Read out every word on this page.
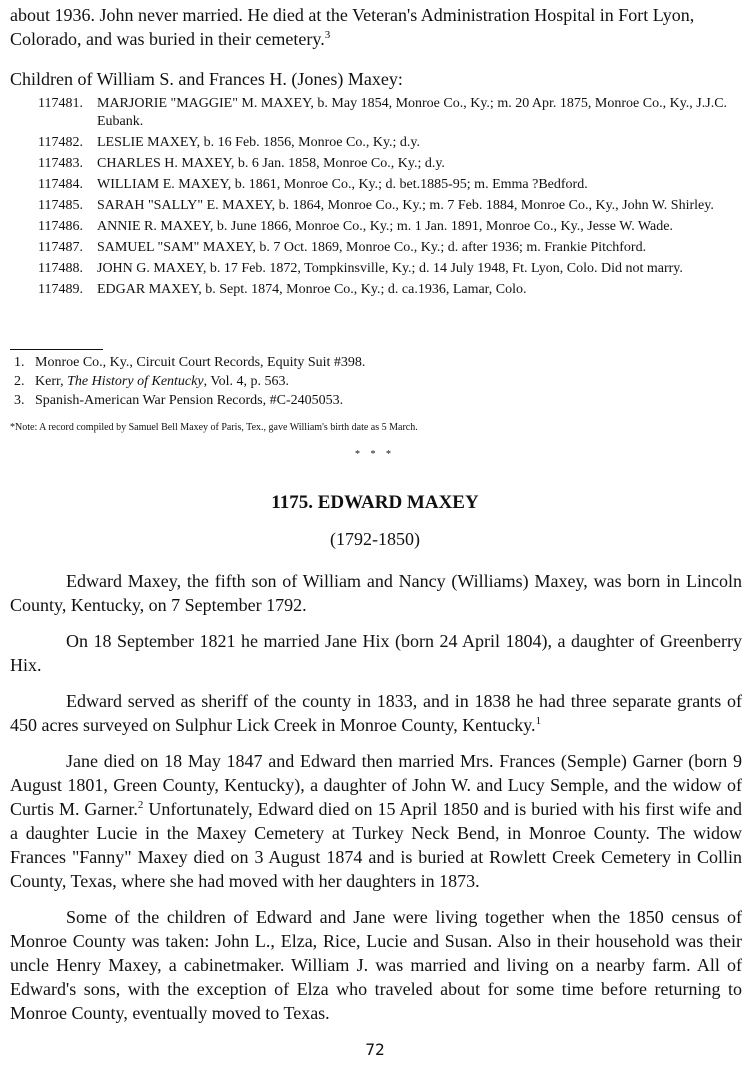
about 1936. John never married. He died at the Veteran's Administration Hospital in Fort Lyon, Colorado, and was buried in their cemetery.$^3$

Children of William S. and Frances H. (Jones) Maxey:

117481.	MARJORIE "MAGGIE" M. MAXEY, b. May 1854, Monroe Co., Ky.; m. 20 Apr. 1875, Monroe Co., Ky., J.J.C. Eubank.
117482.	LESLIE MAXEY, b. 16 Feb. 1856, Monroe Co., Ky.; d.y.
117483.	CHARLES H. MAXEY, b. 6 Jan. 1858, Monroe Co., Ky.; d.y.
117484.	WILLIAM E. MAXEY, b. 1861, Monroe Co., Ky.; d. bet.1885-95; m. Emma ?Bedford.
117485.	SARAH "SALLY" E. MAXEY, b. 1864, Monroe Co., Ky.; m. 7 Feb. 1884, Monroe Co., Ky., John W. Shirley.
117486.	ANNIE R. MAXEY, b. June 1866, Monroe Co., Ky.; m. 1 Jan. 1891, Monroe Co., Ky., Jesse W. Wade.
117487.	SAMUEL "SAM" MAXEY, b. 7 Oct. 1869, Monroe Co., Ky.; d. after 1936; m. Frankie Pitchford.
117488.	JOHN G. MAXEY, b. 17 Feb. 1872, Tompkinsville, Ky.; d. 14 July 1948, Ft. Lyon, Colo. Did not marry.
117489.	EDGAR MAXEY, b. Sept. 1874, Monroe Co., Ky.; d. ca.1936, Lamar, Colo.
1. Monroe Co., Ky., Circuit Court Records, Equity Suit #398.
2. Kerr, The History of Kentucky, Vol. 4, p. 563.
3. Spanish-American War Pension Records, #C-2405053.

*Note: A record compiled by Samuel Bell Maxey of Paris, Tex., gave William's birth date as 5 March.

* * *

1175. EDWARD MAXEY

(1792-1850)

Edward Maxey, the fifth son of William and Nancy (Williams) Maxey, was born in Lincoln County, Kentucky, on 7 September 1792.

On 18 September 1821 he married Jane Hix (born 24 April 1804), a daughter of Greenberry Hix.

Edward served as sheriff of the county in 1833, and in 1838 he had three separate grants of 450 acres surveyed on Sulphur Lick Creek in Monroe County, Kentucky.$^1$

Jane died on 18 May 1847 and Edward then married Mrs. Frances (Semple) Garner (born 9 August 1801, Green County, Kentucky), a daughter of John W. and Lucy Semple, and the widow of Curtis M. Garner.$^2$ Unfortunately, Edward died on 15 April 1850 and is buried with his first wife and a daughter Lucie in the Maxey Cemetery at Turkey Neck Bend, in Monroe County. The widow Frances "Fanny" Maxey died on 3 August 1874 and is buried at Rowlett Creek Cemetery in Collin County, Texas, where she had moved with her daughters in 1873.

Some of the children of Edward and Jane were living together when the 1850 census of Monroe County was taken: John L., Elza, Rice, Lucie and Susan. Also in their household was their uncle Henry Maxey, a cabinetmaker. William J. was married and living on a nearby farm. All of Edward's sons, with the exception of Elza who traveled about for some time before returning to Monroe County, eventually moved to Texas.

72
